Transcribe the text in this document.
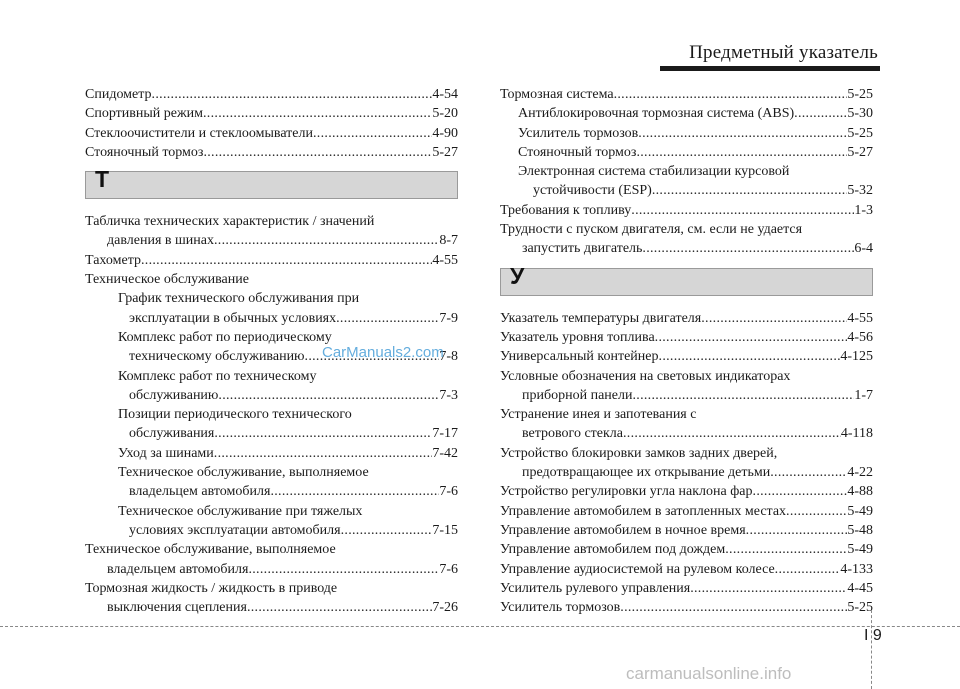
Предметный указатель
Спидометр .....	4-54
Спортивный режим .....	5-20
Стеклоочистители и стеклоомыватели .....	4-90
Стояночный тормоз .....	5-27
Т
Табличка технических характеристик / значений
давления в шинах .....	8-7
Тахометр .....	4-55
Техническое обслуживание
График технического обслуживания при
эксплуатации в обычных условиях .....	7-9
Комплекс работ по периодическому
техническому обслуживанию .....	7-8
Комплекс работ по техническому
обслуживанию .....	7-3
Позиции периодического технического
обслуживания .....	7-17
Уход за шинами .....	7-42
Техническое обслуживание, выполняемое
владельцем автомобиля .....	7-6
Техническое обслуживание при тяжелых
условиях эксплуатации автомобиля .....	7-15
Техническое обслуживание, выполняемое
владельцем автомобиля .....	7-6
Тормозная жидкость / жидкость в приводе
выключения сцепления .....	7-26
Тормозная система .....	5-25
Антиблокировочная тормозная система (ABS) .....	5-30
Усилитель тормозов .....	5-25
Стояночный тормоз .....	5-27
Электронная система стабилизации курсовой
устойчивости (ESP) .....	5-32
Требования к топливу .....	1-3
Трудности с пуском двигателя, см. если не удается
запустить двигатель .....	6-4
У
Указатель температуры двигателя .....	4-55
Указатель уровня топлива .....	4-56
Универсальный контейнер .....	4-125
Условные обозначения на световых индикаторах
приборной панели .....	1-7
Устранение инея и запотевания с
ветрового стекла .....	4-118
Устройство блокировки замков задних дверей,
предотвращающее их открывание детьми .....	4-22
Устройство регулировки угла наклона фар .....	4-88
Управление автомобилем в затопленных местах .....	5-49
Управление автомобилем в ночное время .....	5-48
Управление автомобилем под дождем .....	5-49
Управление аудиосистемой на рулевом колесе .....	4-133
Усилитель рулевого управления .....	4-45
Усилитель тормозов .....	5-25
CarManuals2.com
I 9
carmanualsonline.info
